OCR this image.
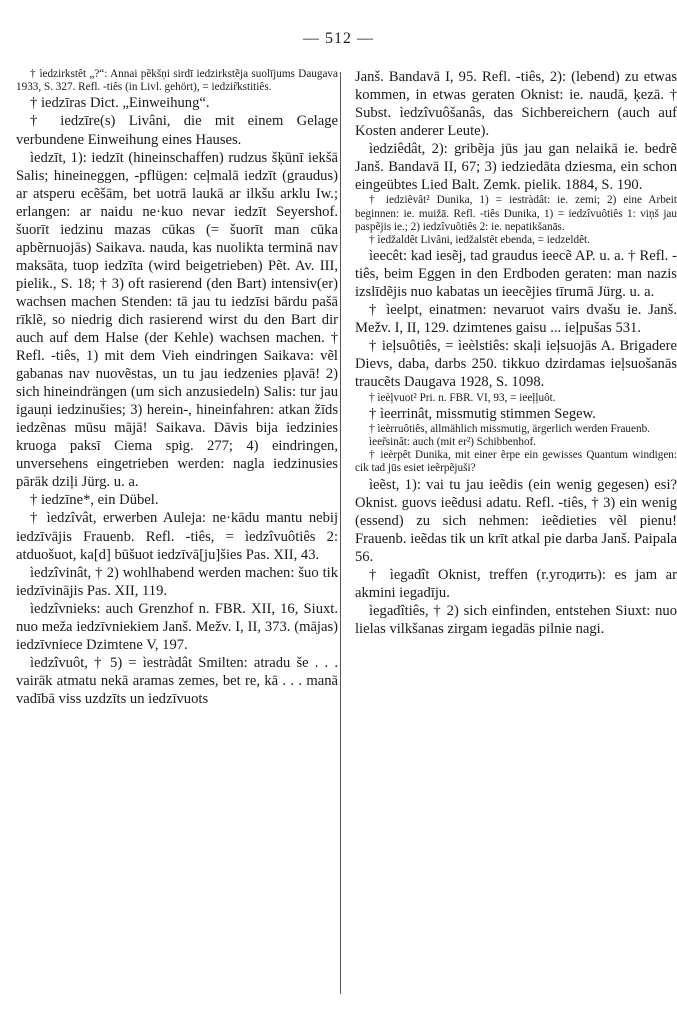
— 512 —

† ìedzirkstêt „?“: Annai pẽkšņi sirdī iedzirkstẽja suolījums Daugava 1933, S. 327. Refl. -tiês (in Livl. gehört), = iedzir̃kstitiês.

† iedzīras Dict. „Einweihung“.

† iedzīre(s) Livâni, die mit einem Gelage verbundene Einweihung eines Hauses.

ìedzīt, 1): iedzīt (hineinschaffen) rudzus šķūnī iekšā Salis; hineineggen, -pflügen: ceļmalā iedzīt (graudus) ar atsperu ecẽšām, bet uotrā laukā ar ilkšu arklu Iw.; erlangen: ar naidu ne·kuo nevar iedzīt Seyershof. šuorīt iedzinu mazas cūkas (= šuorīt man cūka apbẽrnuojās) Saikava. nauda, kas nuolikta terminā nav maksāta, tuop iedzīta (wird beigetrieben) Pẽt. Av. III, pielik., S. 18; † 3) oft rasierend (den Bart) intensiv(er) wachsen machen Stenden: tā jau tu iedzīsi bārdu pašā rīklẽ, so niedrig dich rasierend wirst du den Bart dir auch auf dem Halse (der Kehle) wachsen machen. † Refl. -tiês, 1) mit dem Vieh eindringen Saikava: vẽl gabanas nav nuovẽstas, un tu jau iedzenies pļavā! 2) sich hineindrängen (um sich anzusiedeln) Salis: tur jau igauņi iedzinušies; 3) herein-, hineinfahren: atkan žīds iedzẽnas mūsu mājā! Saikava. Dāvis bija iedzinies kruoga paksī Ciema spig. 277; 4) eindringen, unversehens eingetrieben werden: nagla iedzinusies pārāk dziļi Jürg. u. a.

† iedzīne*, ein Dübel.

† ìedzîvât, erwerben Auleja: ne·kādu mantu nebij iedzīvājis Frauenb. Refl. -tiês, = ìedzîvuôtiês 2: atduošuot, ka[d] būšuot iedzīvā[ju]šies Pas. XII, 43.

ìedzîvinât, † 2) wohlhabend werden machen: šuo tik iedzīvinājis Pas. XII, 119.

ìedzîvnieks: auch Grenzhof n. FBR. XII, 16, Siuxt. nuo meža iedzīvniekiem Janš. Mežv. I, II, 373. (mājas) iedzīvniece Dzimtene V, 197.

ìedzîvuôt, † 5) = ìestràdât Smilten: atradu še . . . vairāk atmatu nekā aramas zemes, bet re, kā . . . manā vadībā viss uzdzīts un iedzīvuots

Janš. Bandavā I, 95. Refl. -tiês, 2): (lebend) zu etwas kommen, in etwas geraten Oknist: ie. naudā, ķezā. † Subst. ìedzîvuôšanâs, das Sichbereichern (auch auf Kosten anderer Leute).

ìedziêdât, 2): gribẽja jūs jau gan nelaikā ie. bedrẽ Janš. Bandavā II, 67; 3) iedziedāta dziesma, ein schon eingeübtes Lied Balt. Zemk. pielik. 1884, S. 190.

† iedziêvât² Dunika, 1) = iestràdât: ie. zemi; 2) eine Arbeit beginnen: ie. muižā. Refl. -tiês Dunika, 1) = iedzîvuôtiês 1: viņš jau paspẽjis ie.; 2) iedzîvuôtiês 2: ie. nepatikšanās.

† ìedžaldêt Livâni, iedžalstêt ebenda, = iedzeldêt.

ìeecêt: kad iesẽj, tad graudus ieecẽ AP. u. a. † Refl. -tiês, beim Eggen in den Erdboden geraten: man nazis izslīdẽjis nuo kabatas un ieecẽjies tīrumā Jürg. u. a.

† ìeelpt, einatmen: nevaruot vairs dvašu ie. Janš. Mežv. I, II, 129. dzimtenes gaisu ... ieļpušas 531.

† ieļsuôtiês, = ìeèlstiês: skaļi ieļsuojās A. Brigadere Dievs, daba, darbs 250. tikkuo dzirdamas ieļsuošanās traucẽts Daugava 1928, S. 1098.

† ìeèļvuot² Pri. n. FBR. VI, 93, = ieeļļuôt.

† ìeerrinât, missmutig stimmen Segew.

† ìeèrruôtiês, allmählich missmutig, ärgerlich werden Frauenb.

ìeer̃sinât: auch (mit er²) Schibbenhof.

† ieèrpêt Dunika, mit einer ẽrpe ein gewisses Quantum windigen: cik tad jūs esiet ieẽrpẽjuši?

ìeẽst, 1): vai tu jau ieẽdis (ein wenig gegesen) esi? Oknist. guovs ieẽdusi adatu. Refl. -tiês, † 3) ein wenig (essend) zu sich nehmen: ieẽdieties vẽl pienu! Frauenb. ieẽdas tik un krīt atkal pie darba Janš. Paipala 56.

† ìegadît Oknist, treffen (r.угодить): es jam ar akmini iegadīju.

ìegadîtiês, † 2) sich einfinden, entstehen Siuxt: nuo lielas vilkšanas zirgam iegadās pilnie nagi.
